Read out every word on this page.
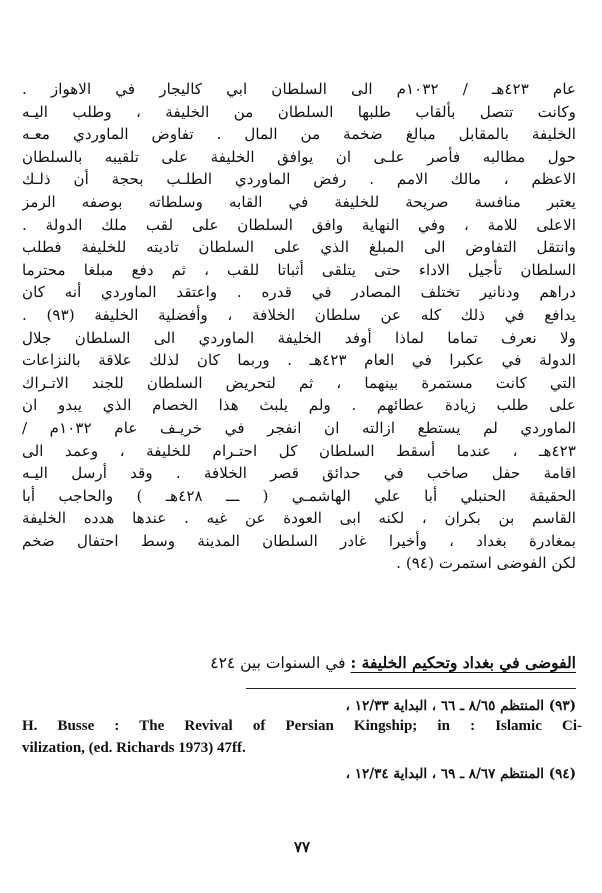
عام ٤٢٣هـ / ١٠٣٢م الى السلطان ابي كاليجار في الاهواز .
وكانت تتصل بألقاب طلبها السلطان من الخليفة ، وطلب اليـه
الخليفة بالمقابل مبالغ ضخمة من المال . تفاوض الماوردي معـه
حول مطالبه فأصر علـى ان يوافق الخليفة على تلقيبه بالسلطان
الاعظم ، مالك الامم . رفض الماوردي الطلـب بحجة أن ذلـك
يعتبر منافسة صريحة للخليفة في القابه وسلطاته بوصفه الرمز
الاعلى للامة ، وفي النهاية وافق السلطان على لقب ملك الدولة .
وانتقل التفاوض الى المبلغ الذي على السلطان تاديته للخليفة فطلب
السلطان تأجيل الاداء حتى يتلقى أثباتا للقب ، ثم دفع مبلغا محترما
دراهم ودنانير تختلف المصادر في قدره . واعتقد الماوردي أنه كان
يدافع في ذلك كله عن سلطان الخلافة ، وأفضلية الخليفة (٩٣) .
ولا نعرف تماما لماذا أوفد الخليفة الماوردي الى السلطان جلال
الدولة في عكبرا في العام ٤٢٣هـ . وربما كان لذلك علاقة بالنزاعات
التي كانت مستمرة بينهما ، ثم لتحريض السلطان للجند الاتـراك
على طلب زيادة عطائهم . ولم يلبث هذا الخصام الذي يبدو ان
الماوردي لم يستطع ازالته ان انفجر في خريـف عام ١٠٣٢م /
٤٢٣هـ ، عندما أسقط السلطان كل احتـرام للخليفة ، وعمد الى
اقامة حفل صاخب في حدائق قصر الخلافة . وقد أرسل اليـه
الحقيقة الحنبلي أبا علي الهاشمـي ( ـــ ٤٢٨هـ ) والحاجب أبا
القاسم بن بكران ، لكنه ابى العودة عن غيه . عندها هدده الخليفة
بمغادرة بغداد ، وأخيرا غادر السلطان المدينة وسط احتفال ضخم
لكن الفوضى استمرت (٩٤) .
الفوضى في بغداد وتحكيم الخليفة : في السنوات بين ٤٢٤
(٩٣) المنتظم ٨/٦٥ ـ ٦٦ ، البداية ١٢/٣٣ ،
H. Busse : The Revival of Persian Kingship; in : Islamic Ci-
vilization, (ed. Richards 1973) 47ff.
(٩٤) المنتظم ٨/٦٧ ـ ٦٩ ، البداية ١٢/٣٤ ،
٧٧
